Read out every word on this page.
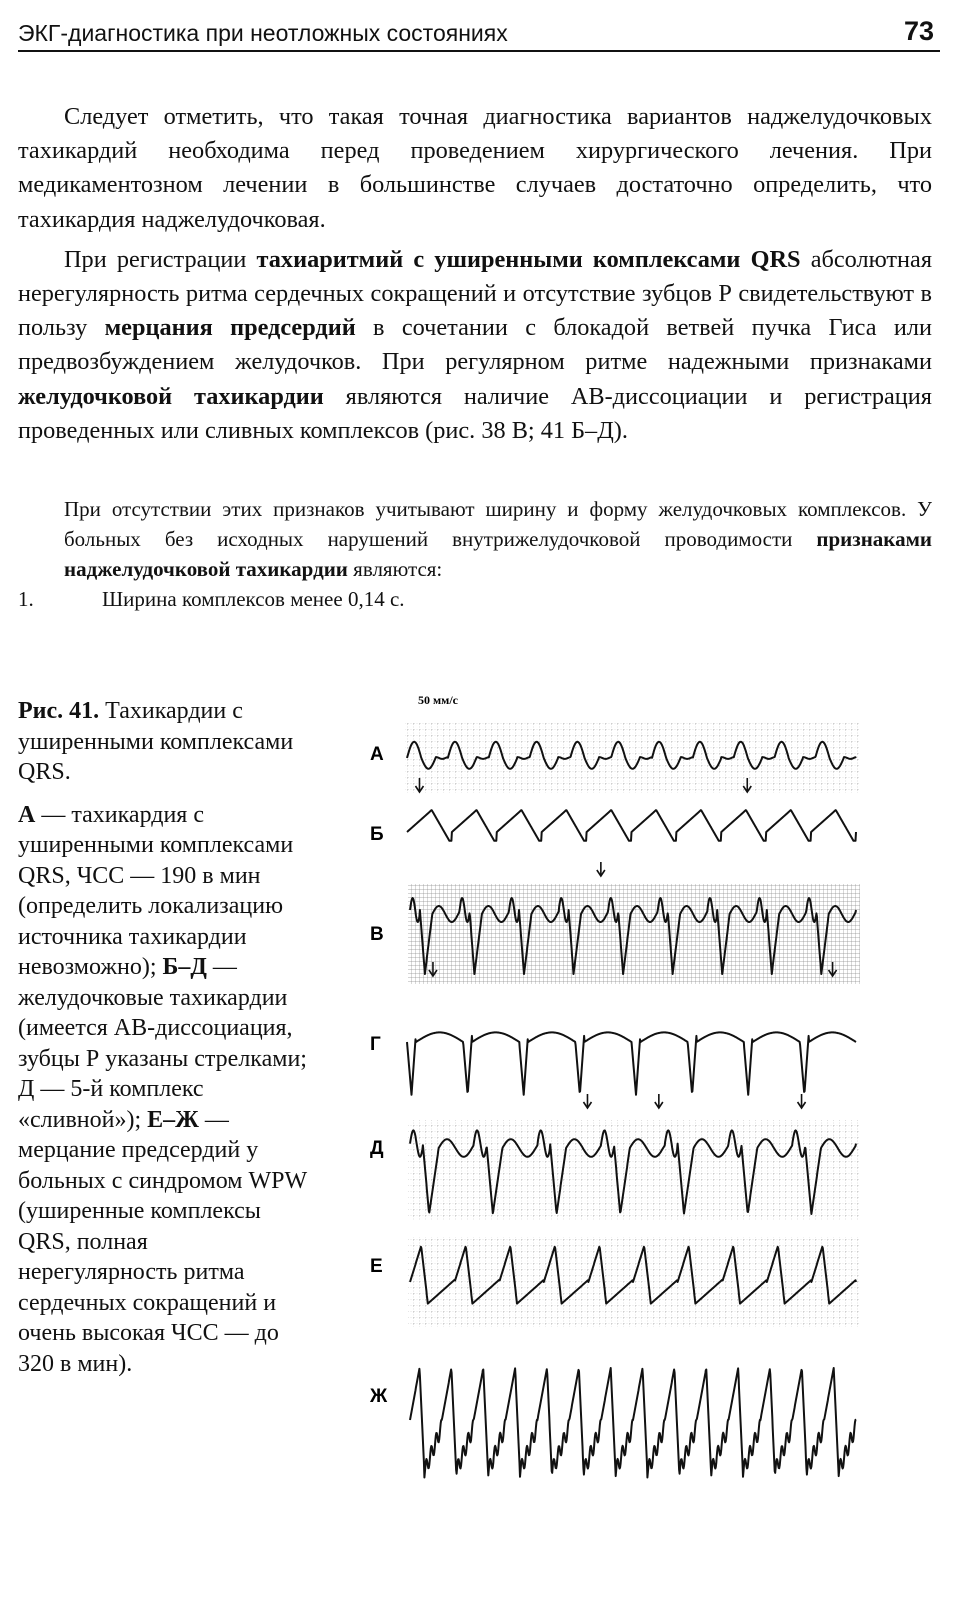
ЭКГ-диагностика при неотложных состояниях	73

Следует отметить, что такая точная диагностика вариантов наджелудочковых тахикардий необходима перед проведением хирургического лечения. При медикаментозном лечении в большинстве случаев достаточно определить, что тахикардия наджелудочковая.

При регистрации тахиаритмий с уширенными комплексами QRS абсолютная нерегулярность ритма сердечных сокращений и отсутствие зубцов Р свидетельствуют в пользу мерцания предсердий в сочетании с блокадой ветвей пучка Гиса или предвозбуждением желудочков. При регулярном ритме надежными признаками желудочковой тахикардии являются наличие АВ-диссоциации и регистрация проведенных или сливных комплексов (рис. 38 В; 41 Б–Д).

При отсутствии этих признаков учитывают ширину и форму желудочковых комплексов. У больных без исходных нарушений внутрижелудочковой проводимости признаками наджелудочковой тахикардии являются:
1.	Ширина комплексов менее 0,14 с.

Рис. 41. Тахикардии с уширенными комплексами QRS.

А — тахикардия с уширенными комплексами QRS, ЧСС — 190 в мин (определить локализацию источника тахикардии невозможно); Б–Д — желудочковые тахикардии (имеется АВ-диссоциация, зубцы Р указаны стрелками; Д — 5-й комплекс «сливной»); Е–Ж — мерцание предсердий у больных с синдромом WPW (уширенные комплексы QRS, полная нерегулярность ритма сердечных сокращений и очень высокая ЧСС — до 320 в мин).

50 мм/с
А
Б
В
Г
Д
Е
Ж
